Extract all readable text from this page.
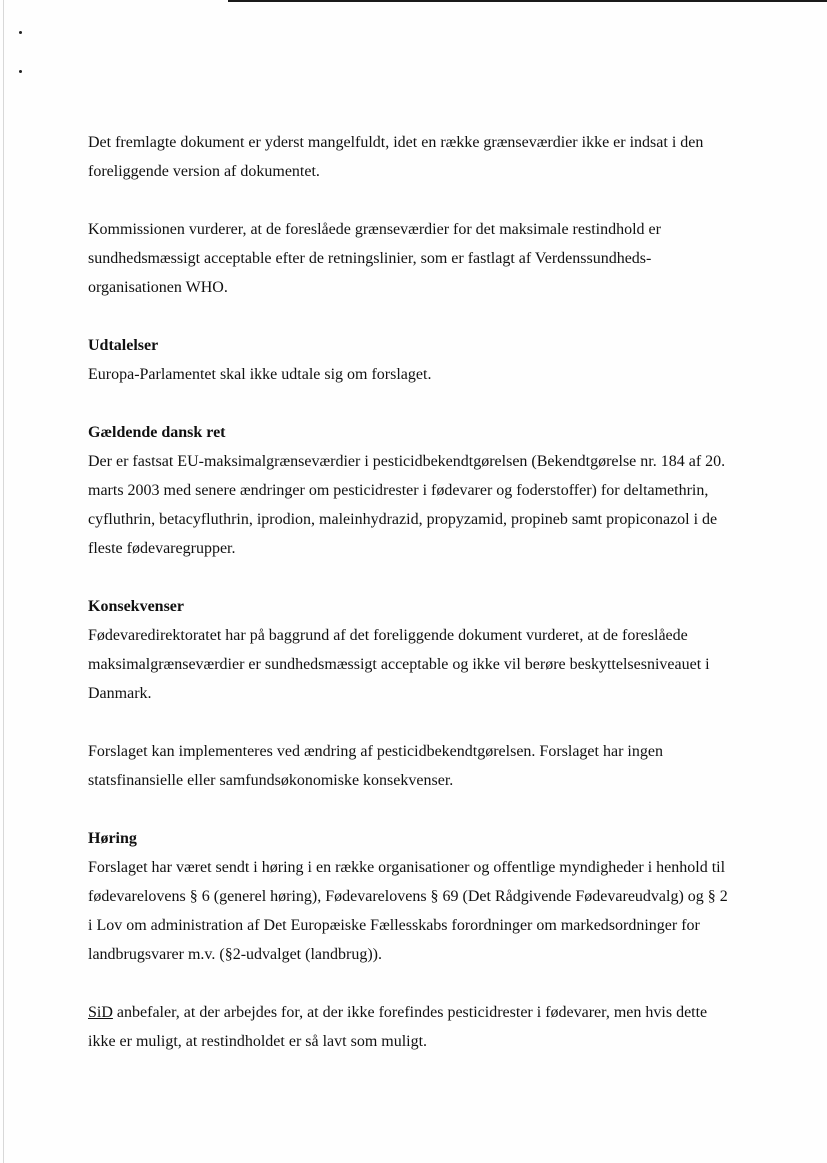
Det fremlagte dokument er yderst mangelfuldt, idet en række grænseværdier ikke er indsat i den
foreliggende version af dokumentet.

Kommissionen vurderer, at de foreslåede grænseværdier for det maksimale restindhold er
sundhedsmæssigt acceptable efter de retningslinier, som er fastlagt af Verdenssundheds-
organisationen WHO.

Udtalelser

Europa-Parlamentet skal ikke udtale sig om forslaget.

Gældende dansk ret

Der er fastsat EU-maksimalgrænseværdier i pesticidbekendtgørelsen (Bekendtgørelse nr. 184 af 20.
marts 2003 med senere ændringer om pesticidrester i fødevarer og foderstoffer) for deltamethrin,
cyfluthrin, betacyfluthrin, iprodion, maleinhydrazid, propyzamid, propineb samt propiconazol i de
fleste fødevaregrupper.

Konsekvenser

Fødevaredirektoratet har på baggrund af det foreliggende dokument vurderet, at de foreslåede
maksimalgrænseværdier er sundhedsmæssigt acceptable og ikke vil berøre beskyttelsesniveauet i
Danmark.

Forslaget kan implementeres ved ændring af pesticidbekendtgørelsen. Forslaget har ingen
statsfinansielle eller samfundsøkonomiske konsekvenser.

Høring

Forslaget har været sendt i høring i en række organisationer og offentlige myndigheder i henhold til
fødevarelovens § 6 (generel høring), Fødevarelovens § 69 (Det Rådgivende Fødevareudvalg) og § 2
i Lov om administration af Det Europæiske Fællesskabs forordninger om markedsordninger for
landbrugsvarer m.v. (§2-udvalget (landbrug)).

SiD anbefaler, at der arbejdes for, at der ikke forefindes pesticidrester i fødevarer, men hvis dette
ikke er muligt, at restindholdet er så lavt som muligt.
